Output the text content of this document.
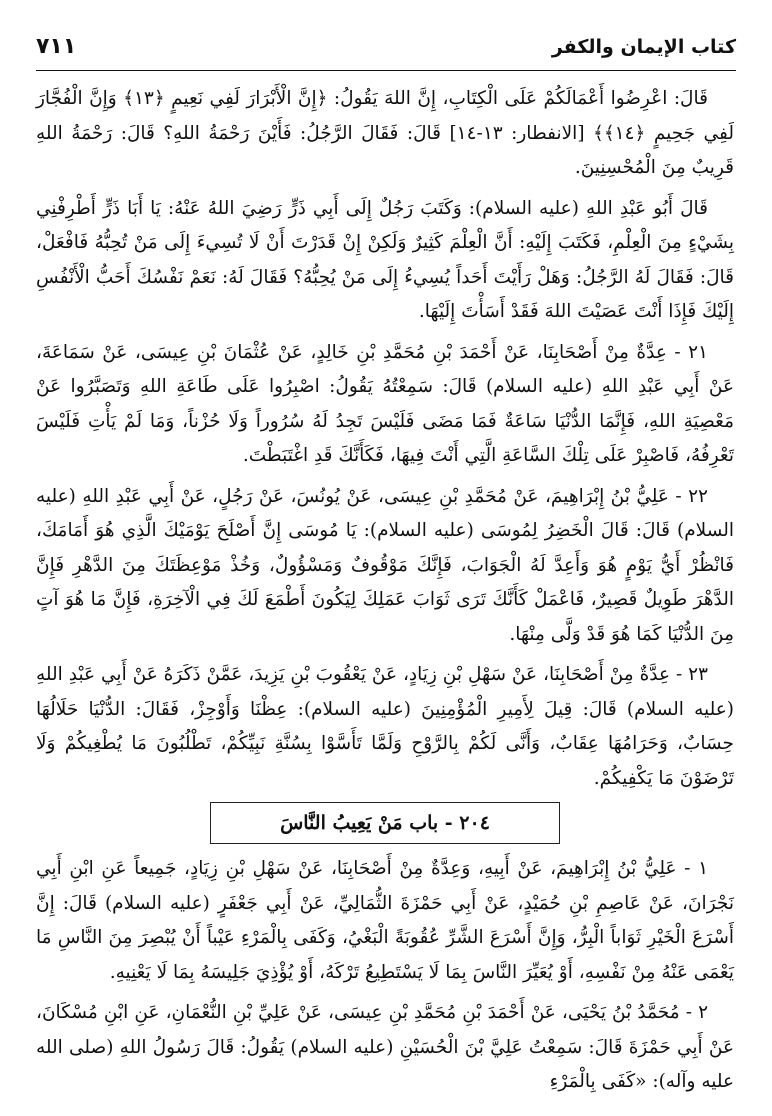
٧١١	كتاب الإيمان والكفر

قَالَ: اعْرِضُوا أَعْمَالَكُمْ عَلَى الْكِتَابِ، إِنَّ اللهَ يَقُولُ: ﴿إِنَّ الْأَبْرَارَ لَفِي نَعِيمٍ ﴿١٣﴾ وَإِنَّ الْفُجَّارَ لَفِي جَحِيمٍ ﴿١٤﴾﴾ [الانفطار: ١٣-١٤] قَالَ: فَقَالَ الرَّجُلُ: فَأَيْنَ رَحْمَةُ اللهِ؟ قَالَ: رَحْمَةُ اللهِ قَرِيبٌ مِنَ الْمُحْسِنِينَ.

قَالَ أَبُو عَبْدِ اللهِ (عليه السلام): وَكَتَبَ رَجُلٌ إِلَى أَبِي ذَرٍّ رَضِيَ اللهُ عَنْهُ: يَا أَبَا ذَرٍّ أَطْرِفْنِي بِشَيْءٍ مِنَ الْعِلْمِ، فَكَتَبَ إِلَيْهِ: أَنَّ الْعِلْمَ كَثِيرٌ وَلَكِنْ إِنْ قَدَرْتَ أَنْ لَا تُسِيءَ إِلَى مَنْ تُحِبُّهُ فَافْعَلْ، قَالَ: فَقَالَ لَهُ الرَّجُلُ: وَهَلْ رَأَيْتَ أَحَداً يُسِيءُ إِلَى مَنْ يُحِبُّهُ؟ فَقَالَ لَهُ: نَعَمْ نَفْسُكَ أَحَبُّ الْأَنْفُسِ إِلَيْكَ فَإِذَا أَنْتَ عَصَيْتَ اللهَ فَقَدْ أَسَأْتَ إِلَيْهَا.

٢١ - عِدَّةٌ مِنْ أَصْحَابِنَا، عَنْ أَحْمَدَ بْنِ مُحَمَّدِ بْنِ خَالِدٍ، عَنْ عُثْمَانَ بْنِ عِيسَى، عَنْ سَمَاعَةَ، عَنْ أَبِي عَبْدِ اللهِ (عليه السلام) قَالَ: سَمِعْتُهُ يَقُولُ: اصْبِرُوا عَلَى طَاعَةِ اللهِ وَتَصَبَّرُوا عَنْ مَعْصِيَةِ اللهِ، فَإِنَّمَا الدُّنْيَا سَاعَةٌ فَمَا مَضَى فَلَيْسَ تَجِدُ لَهُ سُرُوراً وَلَا حُزْناً، وَمَا لَمْ يَأْتِ فَلَيْسَ تَعْرِفُهُ، فَاصْبِرْ عَلَى تِلْكَ السَّاعَةِ الَّتِي أَنْتَ فِيهَا، فَكَأَنَّكَ قَدِ اغْتَبَطْتَ.

٢٢ - عَلِيُّ بْنُ إِبْرَاهِيمَ، عَنْ مُحَمَّدِ بْنِ عِيسَى، عَنْ يُونُسَ، عَنْ رَجُلٍ، عَنْ أَبِي عَبْدِ اللهِ (عليه السلام) قَالَ: قَالَ الْخَضِرُ لِمُوسَى (عليه السلام): يَا مُوسَى إِنَّ أَصْلَحَ يَوْمَيْكَ الَّذِي هُوَ أَمَامَكَ، فَانْظُرْ أَيُّ يَوْمٍ هُوَ وَأَعِدَّ لَهُ الْجَوَابَ، فَإِنَّكَ مَوْقُوفٌ وَمَسْؤُولٌ، وَخُذْ مَوْعِظَتَكَ مِنَ الدَّهْرِ فَإِنَّ الدَّهْرَ طَوِيلٌ قَصِيرٌ، فَاعْمَلْ كَأَنَّكَ تَرَى ثَوَابَ عَمَلِكَ لِيَكُونَ أَطْمَعَ لَكَ فِي الْآخِرَةِ، فَإِنَّ مَا هُوَ آتٍ مِنَ الدُّنْيَا كَمَا هُوَ قَدْ وَلَّى مِنْهَا.

٢٣ - عِدَّةٌ مِنْ أَصْحَابِنَا، عَنْ سَهْلِ بْنِ زِيَادٍ، عَنْ يَعْقُوبَ بْنِ يَزِيدَ، عَمَّنْ ذَكَرَهُ عَنْ أَبِي عَبْدِ اللهِ (عليه السلام) قَالَ: قِيلَ لِأَمِيرِ الْمُؤْمِنِينَ (عليه السلام): عِظْنَا وَأَوْجِزْ، فَقَالَ: الدُّنْيَا حَلَالُهَا حِسَابٌ، وَحَرَامُهَا عِقَابٌ، وَأَنَّى لَكُمْ بِالرَّوْحِ وَلَمَّا تَأَسَّوْا بِسُنَّةِ نَبِيِّكُمْ، تَطْلُبُونَ مَا يُطْغِيكُمْ وَلَا تَرْضَوْنَ مَا يَكْفِيكُمْ.

٢٠٤ - باب مَنْ يَعِيبُ النَّاسَ

١ - عَلِيُّ بْنُ إِبْرَاهِيمَ، عَنْ أَبِيهِ، وَعِدَّةٌ مِنْ أَصْحَابِنَا، عَنْ سَهْلِ بْنِ زِيَادٍ، جَمِيعاً عَنِ ابْنِ أَبِي نَجْرَانَ، عَنْ عَاصِمِ بْنِ حُمَيْدٍ، عَنْ أَبِي حَمْزَةَ الثُّمَالِيِّ، عَنْ أَبِي جَعْفَرٍ (عليه السلام) قَالَ: إِنَّ أَسْرَعَ الْخَيْرِ ثَوَاباً الْبِرُّ، وَإِنَّ أَسْرَعَ الشَّرِّ عُقُوبَةً الْبَغْيُ، وَكَفَى بِالْمَرْءِ عَيْباً أَنْ يُبْصِرَ مِنَ النَّاسِ مَا يَعْمَى عَنْهُ مِنْ نَفْسِهِ، أَوْ يُعَيِّرَ النَّاسَ بِمَا لَا يَسْتَطِيعُ تَرْكَهُ، أَوْ يُؤْذِيَ جَلِيسَهُ بِمَا لَا يَعْنِيهِ.

٢ - مُحَمَّدُ بْنُ يَحْيَى، عَنْ أَحْمَدَ بْنِ مُحَمَّدِ بْنِ عِيسَى، عَنْ عَلِيِّ بْنِ النُّعْمَانِ، عَنِ ابْنِ مُسْكَانَ، عَنْ أَبِي حَمْزَةَ قَالَ: سَمِعْتُ عَلِيَّ بْنَ الْحُسَيْنِ (عليه السلام) يَقُولُ: قَالَ رَسُولُ اللهِ (صلى الله عليه وآله): «كَفَى بِالْمَرْءِ
